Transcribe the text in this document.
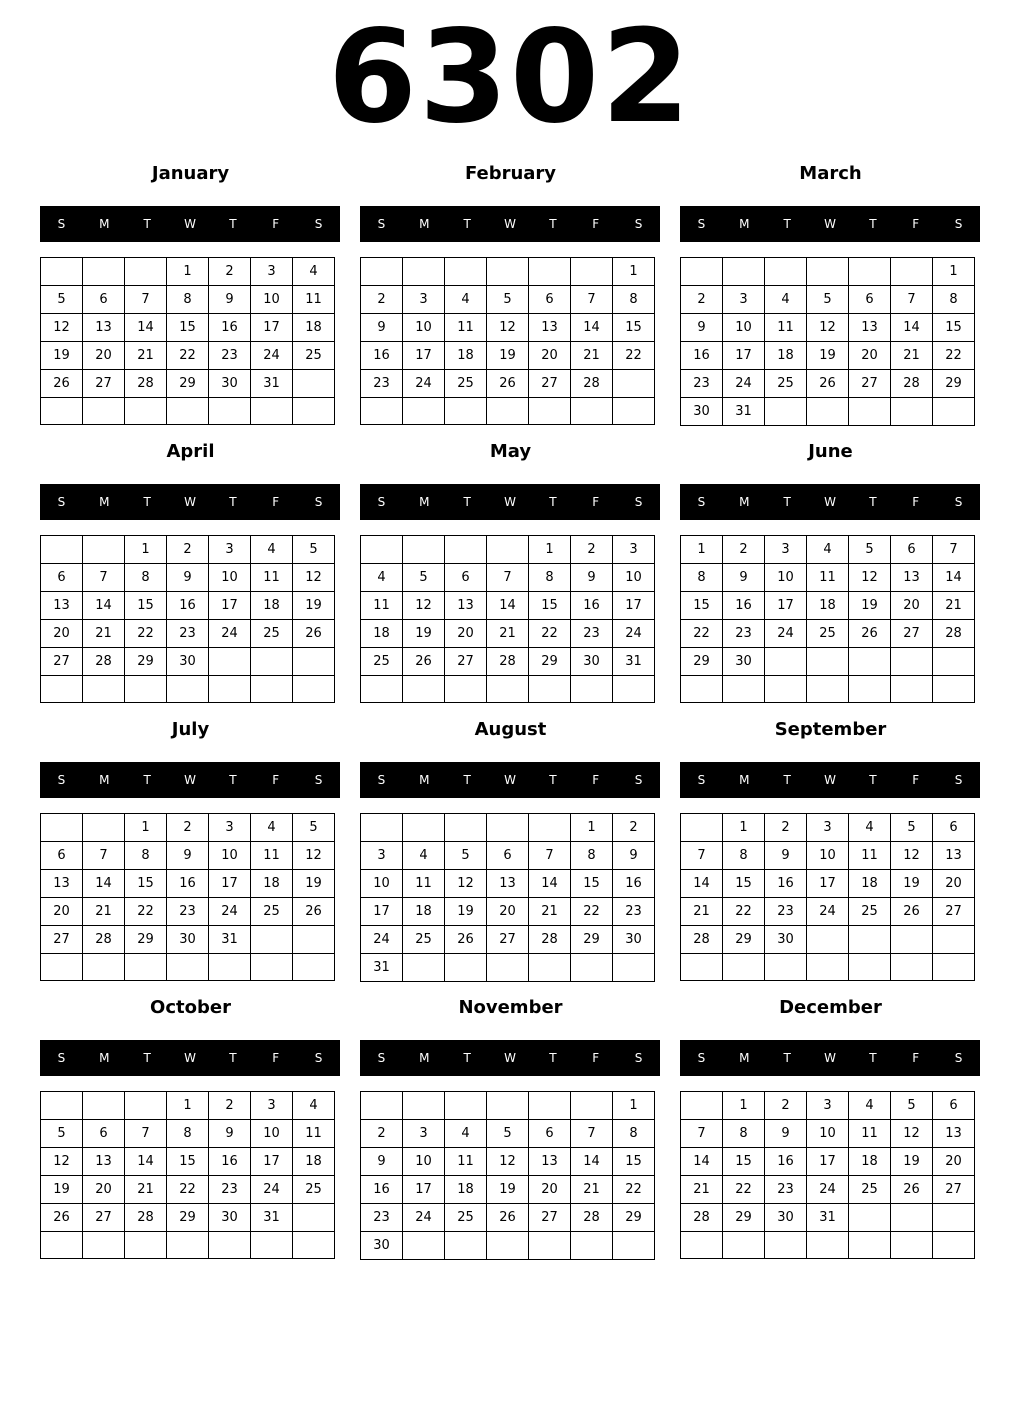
6302
January
S	M	T	W	T	F	S
			1	2	3	4
5	6	7	8	9	10	11
12	13	14	15	16	17	18
19	20	21	22	23	24	25
26	27	28	29	30	31	

February
S	M	T	W	T	F	S
						1
2	3	4	5	6	7	8
9	10	11	12	13	14	15
16	17	18	19	20	21	22
23	24	25	26	27	28	

March
S	M	T	W	T	F	S
						1
2	3	4	5	6	7	8
9	10	11	12	13	14	15
16	17	18	19	20	21	22
23	24	25	26	27	28	29
30	31					
April
S	M	T	W	T	F	S
		1	2	3	4	5
6	7	8	9	10	11	12
13	14	15	16	17	18	19
20	21	22	23	24	25	26
27	28	29	30			

May
S	M	T	W	T	F	S
				1	2	3
4	5	6	7	8	9	10
11	12	13	14	15	16	17
18	19	20	21	22	23	24
25	26	27	28	29	30	31

June
S	M	T	W	T	F	S
1	2	3	4	5	6	7
8	9	10	11	12	13	14
15	16	17	18	19	20	21
22	23	24	25	26	27	28
29	30					

July
S	M	T	W	T	F	S
		1	2	3	4	5
6	7	8	9	10	11	12
13	14	15	16	17	18	19
20	21	22	23	24	25	26
27	28	29	30	31		

August
S	M	T	W	T	F	S
					1	2
3	4	5	6	7	8	9
10	11	12	13	14	15	16
17	18	19	20	21	22	23
24	25	26	27	28	29	30
31						
September
S	M	T	W	T	F	S
	1	2	3	4	5	6
7	8	9	10	11	12	13
14	15	16	17	18	19	20
21	22	23	24	25	26	27
28	29	30				

October
S	M	T	W	T	F	S
			1	2	3	4
5	6	7	8	9	10	11
12	13	14	15	16	17	18
19	20	21	22	23	24	25
26	27	28	29	30	31	

November
S	M	T	W	T	F	S
						1
2	3	4	5	6	7	8
9	10	11	12	13	14	15
16	17	18	19	20	21	22
23	24	25	26	27	28	29
30						
December
S	M	T	W	T	F	S
	1	2	3	4	5	6
7	8	9	10	11	12	13
14	15	16	17	18	19	20
21	22	23	24	25	26	27
28	29	30	31			
